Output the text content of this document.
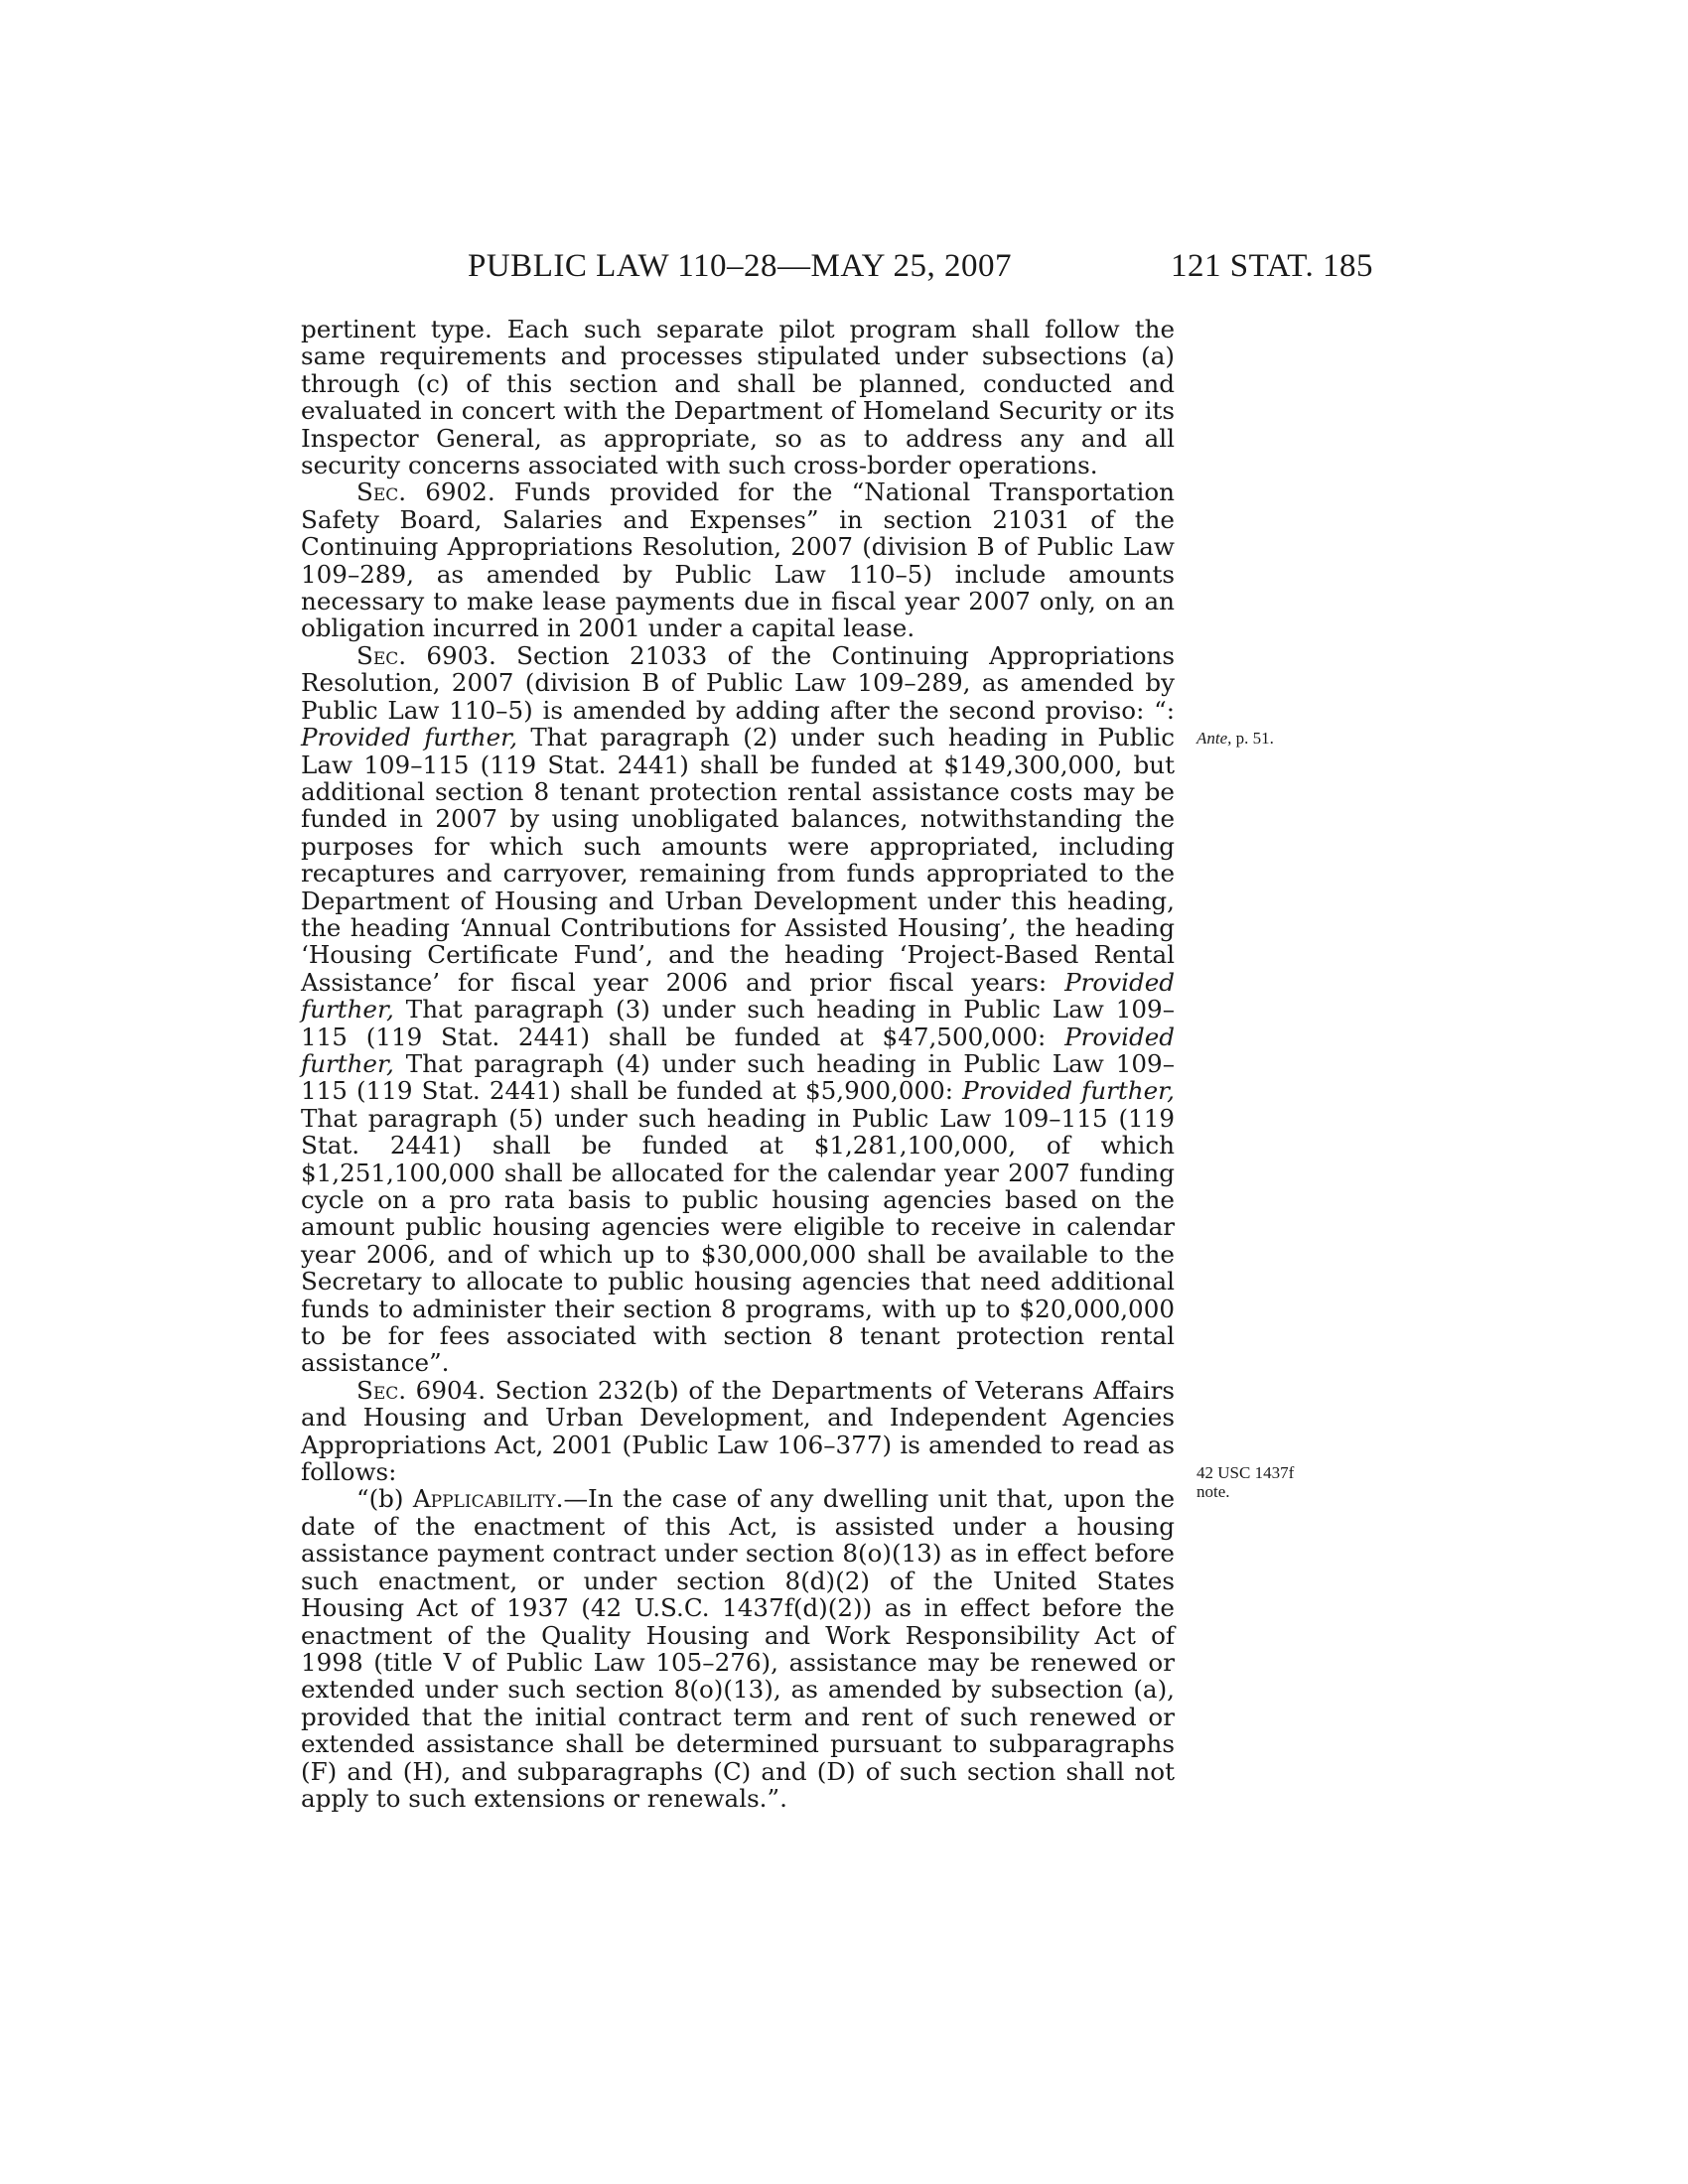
PUBLIC LAW 110–28—MAY 25, 2007	121 STAT. 185

pertinent type. Each such separate pilot program shall follow the same requirements and processes stipulated under subsections (a) through (c) of this section and shall be planned, conducted and evaluated in concert with the Department of Homeland Security or its Inspector General, as appropriate, so as to address any and all security concerns associated with such cross-border operations.

Sec. 6902. Funds provided for the “National Transportation Safety Board, Salaries and Expenses” in section 21031 of the Continuing Appropriations Resolution, 2007 (division B of Public Law 109–289, as amended by Public Law 110–5) include amounts necessary to make lease payments due in fiscal year 2007 only, on an obligation incurred in 2001 under a capital lease.

Sec. 6903. Section 21033 of the Continuing Appropriations Resolution, 2007 (division B of Public Law 109–289, as amended by Public Law 110–5) is amended by adding after the second proviso: “: Provided further, That paragraph (2) under such heading in Public Law 109–115 (119 Stat. 2441) shall be funded at $149,300,000, but additional section 8 tenant protection rental assistance costs may be funded in 2007 by using unobligated balances, notwithstanding the purposes for which such amounts were appropriated, including recaptures and carryover, remaining from funds appropriated to the Department of Housing and Urban Development under this heading, the heading ‘Annual Contributions for Assisted Housing’, the heading ‘Housing Certificate Fund’, and the heading ‘Project-Based Rental Assistance’ for fiscal year 2006 and prior fiscal years: Provided further, That paragraph (3) under such heading in Public Law 109–115 (119 Stat. 2441) shall be funded at $47,500,000: Provided further, That paragraph (4) under such heading in Public Law 109–115 (119 Stat. 2441) shall be funded at $5,900,000: Provided further, That paragraph (5) under such heading in Public Law 109–115 (119 Stat. 2441) shall be funded at $1,281,100,000, of which $1,251,100,000 shall be allocated for the calendar year 2007 funding cycle on a pro rata basis to public housing agencies based on the amount public housing agencies were eligible to receive in calendar year 2006, and of which up to $30,000,000 shall be available to the Secretary to allocate to public housing agencies that need additional funds to administer their section 8 programs, with up to $20,000,000 to be for fees associated with section 8 tenant protection rental assistance”.

Sec. 6904. Section 232(b) of the Departments of Veterans Affairs and Housing and Urban Development, and Independent Agencies Appropriations Act, 2001 (Public Law 106–377) is amended to read as follows:

“(b) Applicability.—In the case of any dwelling unit that, upon the date of the enactment of this Act, is assisted under a housing assistance payment contract under section 8(o)(13) as in effect before such enactment, or under section 8(d)(2) of the United States Housing Act of 1937 (42 U.S.C. 1437f(d)(2)) as in effect before the enactment of the Quality Housing and Work Responsibility Act of 1998 (title V of Public Law 105–276), assistance may be renewed or extended under such section 8(o)(13), as amended by subsection (a), provided that the initial contract term and rent of such renewed or extended assistance shall be determined pursuant to subparagraphs (F) and (H), and subparagraphs (C) and (D) of such section shall not apply to such extensions or renewals.”.

Ante, p. 51.
42 USC 1437f
note.
